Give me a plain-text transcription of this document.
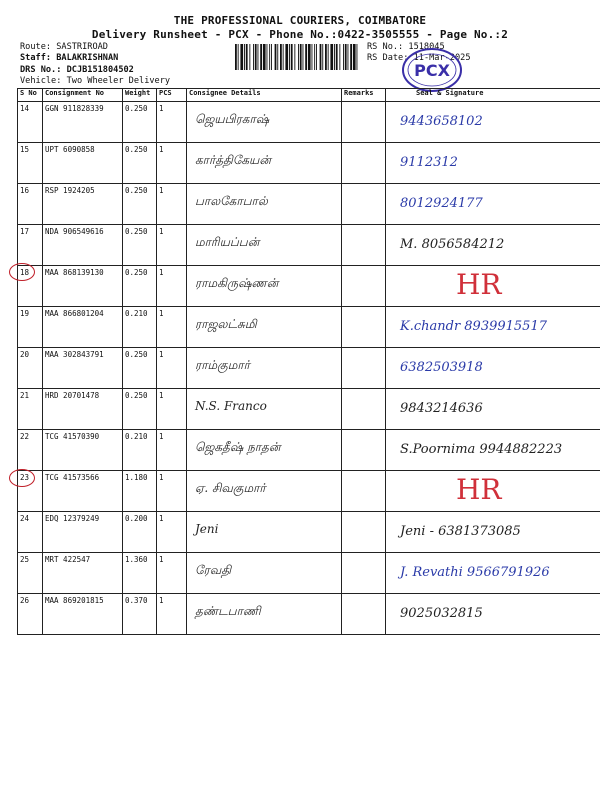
THE PROFESSIONAL COURIERS, COIMBATORE
Delivery Runsheet - PCX - Phone No.:0422-3505555 - Page No.:2
Route: SASTRIROAD
Staff: BALAKRISHNAN
DRS No.: DCJB151804502
Vehicle: Two Wheeler Delivery
RS No.: 1518045
RS Date: 11-Mar-2025
PCX
S No	Consignment No	Weight	PCS	Consignee Details	Remarks	Seal & Signature
14	GGN 911828339	0.250	1	ஜெயபிரகாஷ்		9443658102

15	UPT 6090858	0.250	1	கார்த்திகேயன்		9112312

16	RSP 1924205	0.250	1	பாலகோபால்		8012924177

17	NDA 906549616	0.250	1	மாரியப்பன்		M. 8056584212

18	MAA 868139130	0.250	1	ராமகிருஷ்ணன்		HR

19	MAA 866801204	0.210	1	ராஜலட்சுமி		K.chandr 8939915517

20	MAA 302843791	0.250	1	ராம்குமார்		6382503918

21	HRD 20701478	0.250	1	N.S. Franco		9843214636

22	TCG 41570390	0.210	1	ஜெகதீஷ் நாதன்		S.Poornima 9944882223

23	TCG 41573566	1.180	1	ஏ. சிவகுமார்		HR

24	EDQ 12379249	0.200	1	Jeni		Jeni - 6381373085

25	MRT 422547	1.360	1	ரேவதி		J. Revathi 9566791926

26	MAA 869201815	0.370	1	தண்டபாணி		9025032815
